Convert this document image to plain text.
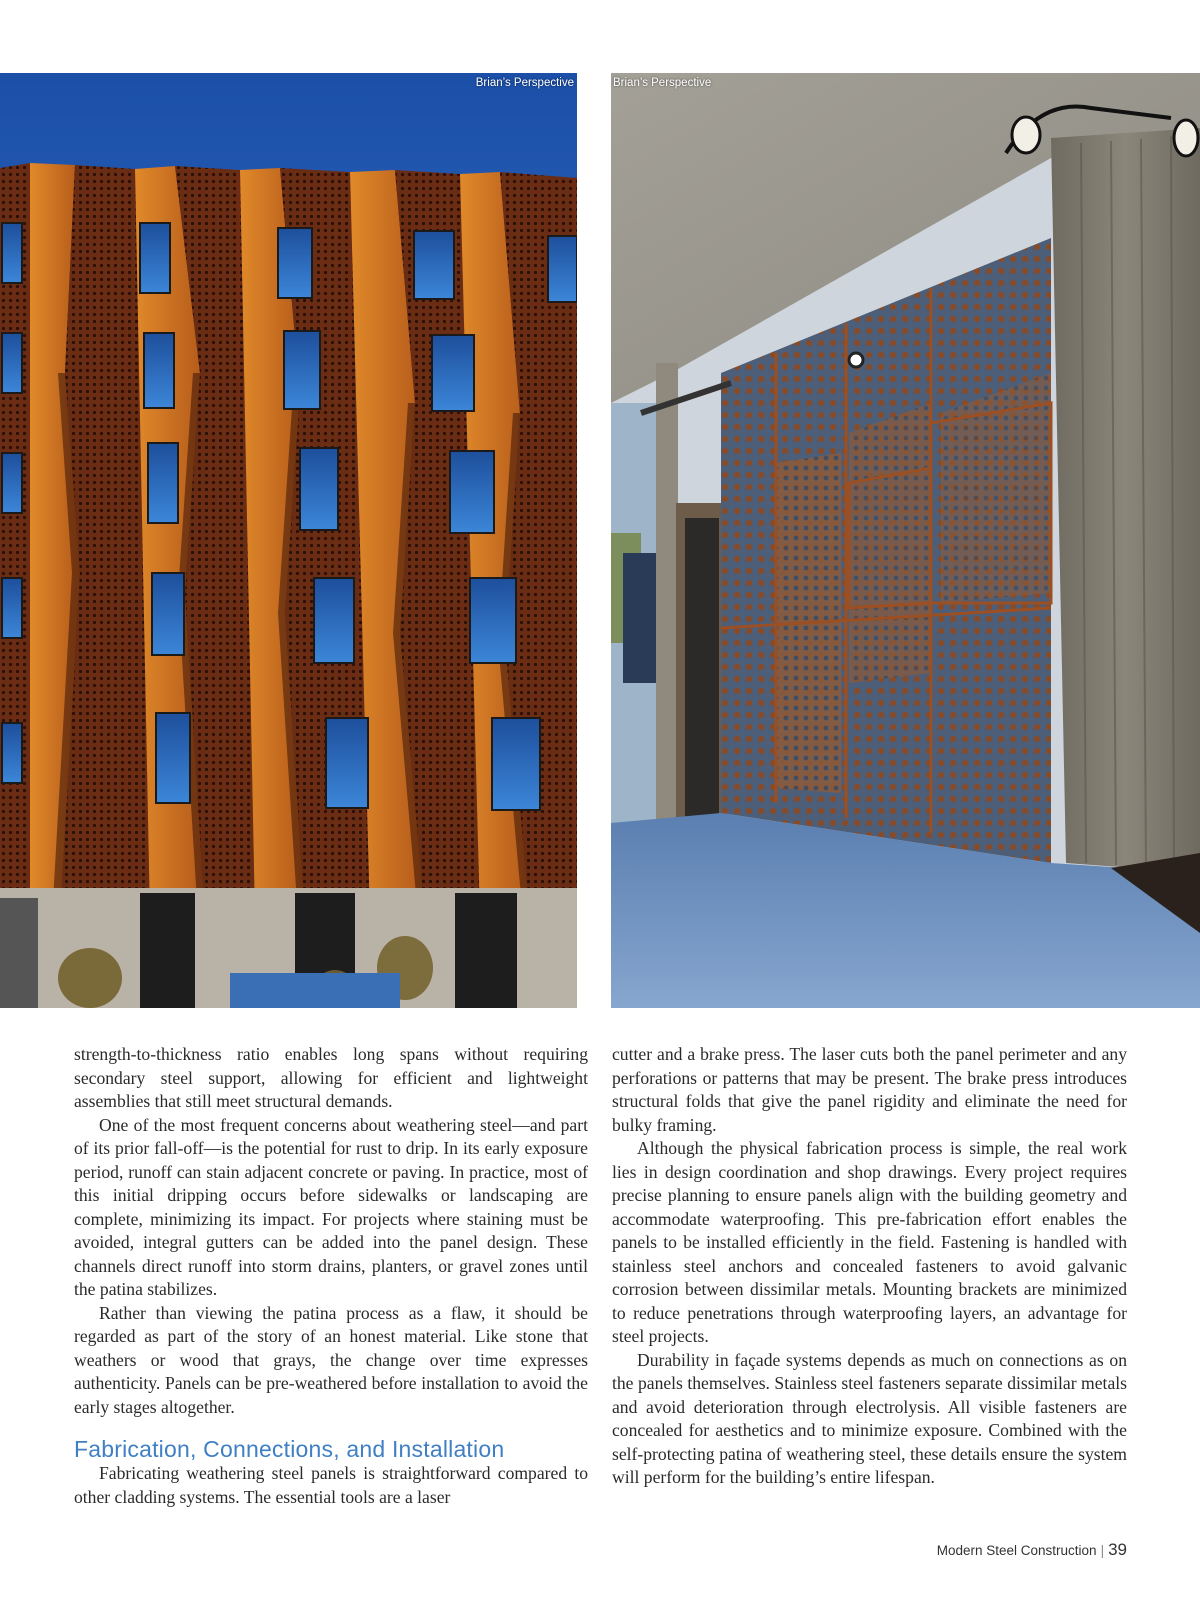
Brian’s Perspective	Brian’s Perspective

strength-to-thickness ratio enables long spans without requiring secondary steel support, allowing for efficient and lightweight assemblies that still meet structural demands.

One of the most frequent concerns about weathering steel—and part of its prior fall-off—is the potential for rust to drip. In its early exposure period, runoff can stain adjacent concrete or paving. In practice, most of this initial dripping occurs before sidewalks or landscaping are complete, minimizing its impact. For projects where staining must be avoided, integral gutters can be added into the panel design. These channels direct runoff into storm drains, planters, or gravel zones until the patina stabilizes.

Rather than viewing the patina process as a flaw, it should be regarded as part of the story of an honest material. Like stone that weathers or wood that grays, the change over time expresses authenticity. Panels can be pre-weathered before installation to avoid the early stages altogether.

Fabrication, Connections, and Installation

Fabricating weathering steel panels is straightforward compared to other cladding systems. The essential tools are a laser

cutter and a brake press. The laser cuts both the panel perimeter and any perforations or patterns that may be present. The brake press introduces structural folds that give the panel rigidity and eliminate the need for bulky framing.

Although the physical fabrication process is simple, the real work lies in design coordination and shop drawings. Every project requires precise planning to ensure panels align with the building geometry and accommodate waterproofing. This pre-fabrication effort enables the panels to be installed efficiently in the field. Fastening is handled with stainless steel anchors and concealed fasteners to avoid galvanic corrosion between dissimilar metals. Mounting brackets are minimized to reduce penetrations through waterproofing layers, an advantage for steel projects.

Durability in façade systems depends as much on connections as on the panels themselves. Stainless steel fasteners separate dissimilar metals and avoid deterioration through electrolysis. All visible fasteners are concealed for aesthetics and to minimize exposure. Combined with the self-protecting patina of weathering steel, these details ensure the system will perform for the building’s entire lifespan.

Modern Steel Construction | 39
